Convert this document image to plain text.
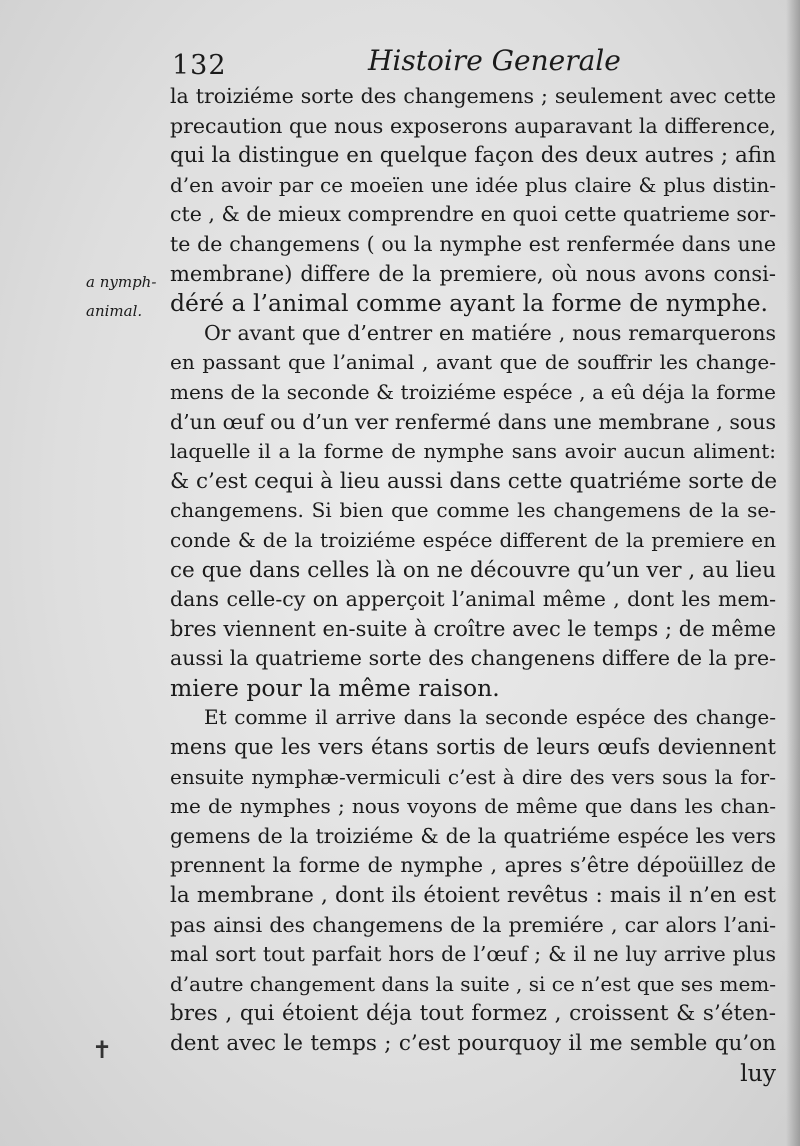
132	Histoire Generale
a nymph-
animal.
✝
la troiziéme sorte des changemens ; seulement avec cette
precaution que nous exposerons auparavant la difference,
qui la distingue en quelque façon des deux autres ; afin
d’en avoir par ce moeïen une idée plus claire & plus distin-
cte , & de mieux comprendre en quoi cette quatrieme sor-
te de changemens ( ou la nymphe est renfermée dans une
membrane) differe de la premiere, où nous avons consi-
déré a l’animal comme ayant la forme de nymphe.
Or avant que d’entrer en matiére , nous remarquerons
en passant que l’animal , avant que de souffrir les change-
mens de la seconde & troiziéme espéce , a eû déja la forme
d’un œuf ou d’un ver renfermé dans une membrane , sous
laquelle il a la forme de nymphe sans avoir aucun aliment:
& c’est cequi à lieu aussi dans cette quatriéme sorte de
changemens. Si bien que comme les changemens de la se-
conde & de la troiziéme espéce different de la premiere en
ce que dans celles là on ne découvre qu’un ver , au lieu
dans celle-cy on apperçoit l’animal même , dont les mem-
bres viennent en-suite à croître avec le temps ; de même
aussi la quatrieme sorte des changenens differe de la pre-
miere pour la même raison.
Et comme il arrive dans la seconde espéce des change-
mens que les vers étans sortis de leurs œufs deviennent
ensuite nymphæ-vermiculi c’est à dire des vers sous la for-
me de nymphes ; nous voyons de même que dans les chan-
gemens de la troiziéme & de la quatriéme espéce les vers
prennent la forme de nymphe , apres s’être dépoüillez de
la membrane , dont ils étoient revêtus : mais il n’en est
pas ainsi des changemens de la premiére , car alors l’ani-
mal sort tout parfait hors de l’œuf ; & il ne luy arrive plus
d’autre changement dans la suite , si ce n’est que ses mem-
bres , qui étoient déja tout formez , croissent & s’éten-
dent avec le temps ; c’est pourquoy il me semble qu’on
luy
